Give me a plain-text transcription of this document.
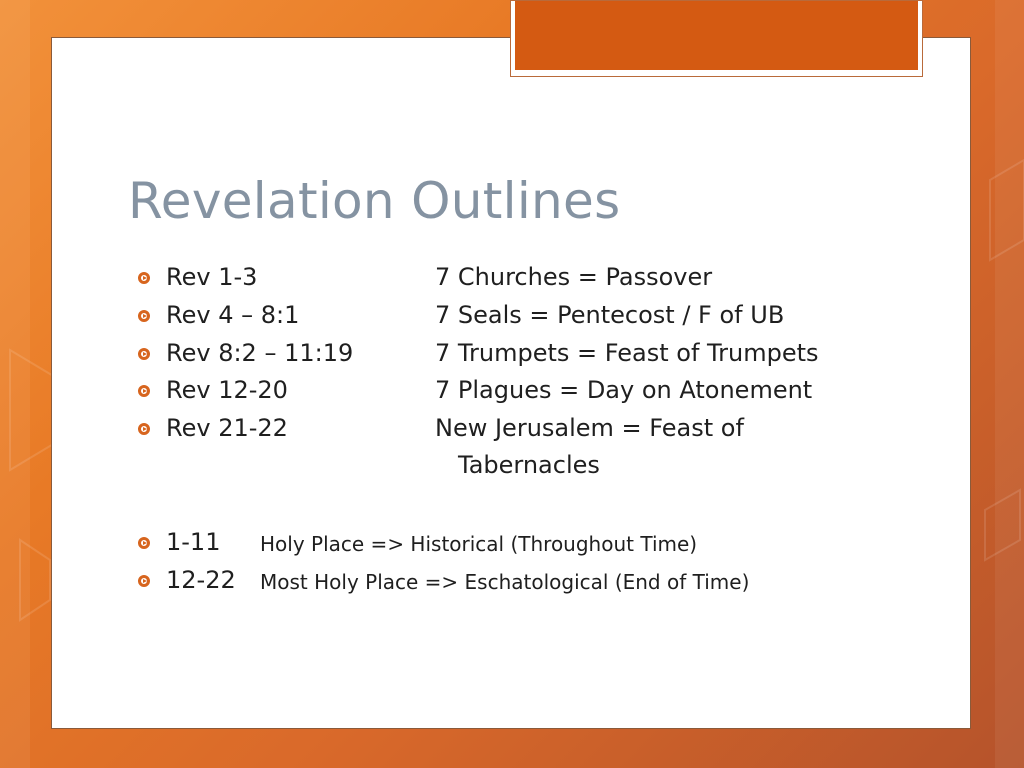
Revelation Outlines
Rev 1-3	7 Churches = Passover
Rev 4 – 8:1	7 Seals = Pentecost / F of UB
Rev 8:2 – 11:19	7 Trumpets = Feast of Trumpets
Rev 12-20	7 Plagues = Day on Atonement
Rev 21-22	New Jerusalem = Feast of
Tabernacles
1-11 Holy Place => Historical (Throughout Time)
12-22 Most Holy Place => Eschatological (End of Time)
